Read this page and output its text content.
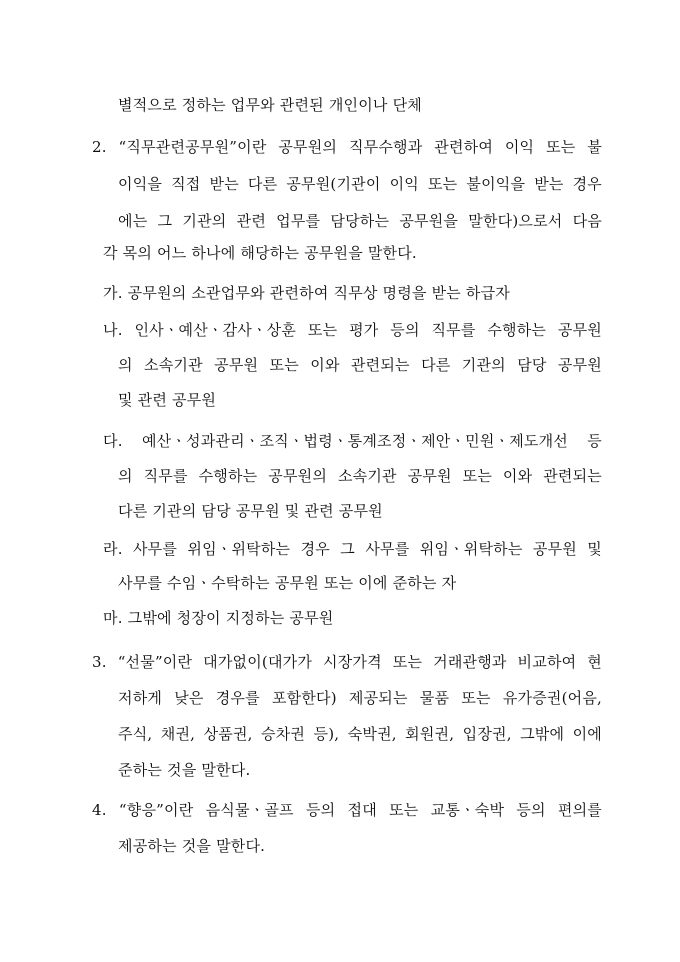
별적으로 정하는 업무와 관련된 개인이나 단체
2. “직무관련공무원”이란 공무원의 직무수행과 관련하여 이익 또는 불
이익을 직접 받는 다른 공무원(기관이 이익 또는 불이익을 받는 경우
에는 그 기관의 관련 업무를 담당하는 공무원을 말한다)으로서 다음
각 목의 어느 하나에 해당하는 공무원을 말한다.
가. 공무원의 소관업무와 관련하여 직무상 명령을 받는 하급자
나. 인사ㆍ예산ㆍ감사ㆍ상훈 또는 평가 등의 직무를 수행하는 공무원
의 소속기관 공무원 또는 이와 관련되는 다른 기관의 담당 공무원
및 관련 공무원
다. 예산ㆍ성과관리ㆍ조직ㆍ법령ㆍ통계조정ㆍ제안ㆍ민원ㆍ제도개선 등
의 직무를 수행하는 공무원의 소속기관 공무원 또는 이와 관련되는
다른 기관의 담당 공무원 및 관련 공무원
라. 사무를 위임ㆍ위탁하는 경우 그 사무를 위임ㆍ위탁하는 공무원 및
사무를 수임ㆍ수탁하는 공무원 또는 이에 준하는 자
마. 그밖에 청장이 지정하는 공무원
3. “선물”이란 대가없이(대가가 시장가격 또는 거래관행과 비교하여 현
저하게 낮은 경우를 포함한다) 제공되는 물품 또는 유가증권(어음,
주식, 채권, 상품권, 승차권 등), 숙박권, 회원권, 입장권, 그밖에 이에
준하는 것을 말한다.
4. “향응”이란 음식물ㆍ골프 등의 접대 또는 교통ㆍ숙박 등의 편의를
제공하는 것을 말한다.
